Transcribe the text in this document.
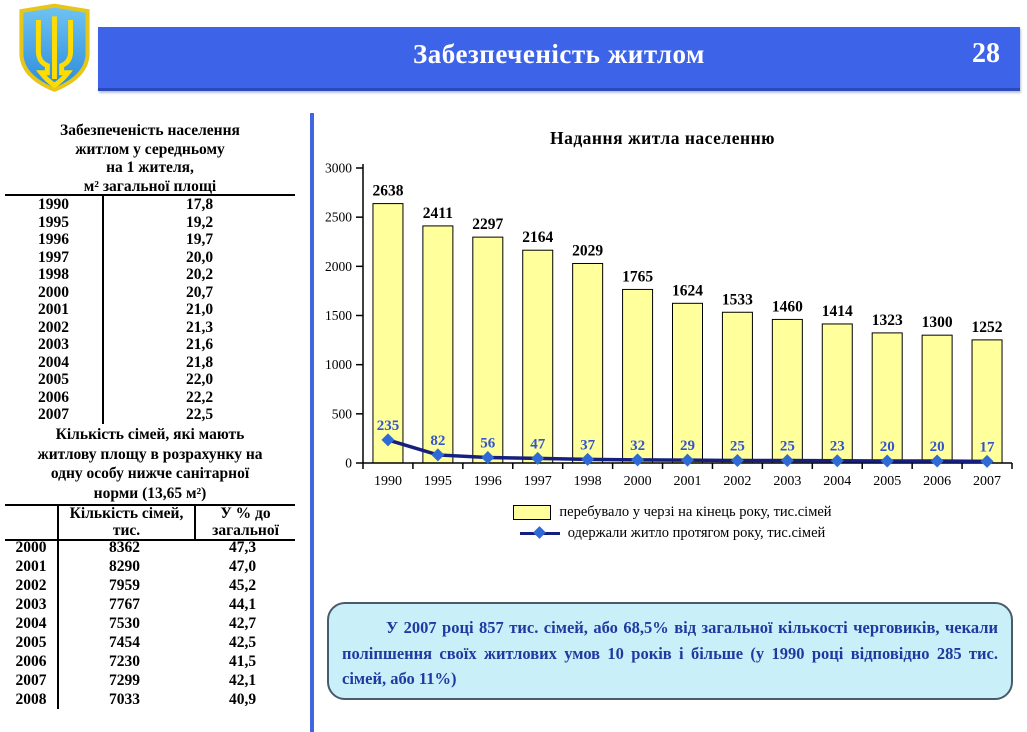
Забезпеченість житлом	28
Забезпеченість населення
житлом у середньому
на 1 жителя,
м² загальної площі
1990	17,8
1995	19,2
1996	19,7
1997	20,0
1998	20,2
2000	20,7
2001	21,0
2002	21,3
2003	21,6
2004	21,8
2005	22,0
2006	22,2
2007	22,5
Кількість сімей, які мають
житлову площу в розрахунку на
одну особу нижче санітарної
норми (13,65 м²)
Кількість сімей,
тис.
У % до
загальної
2000	8362	47,3
2001	8290	47,0
2002	7959	45,2
2003	7767	44,1
2004	7530	42,7
2005	7454	42,5
2006	7230	41,5
2007	7299	42,1
2008	7033	40,9
2638
2411
2297
2164
2029
1765
1624
1533 1460 1414
1323 1300 1252
0
500
1000
1500
2000
2500
3000
1990 1995 1996 1997 1998 2000 2001 2002 2003 2004 2005 2006 2007
235
82 56 47 37 32 29 25 25 23 20 20 17
Надання житла населенню
перебувало у черзі на кінець року, тис.сімей
одержали житло протягом року, тис.сімей
У 2007 році 857 тис. сімей, або 68,5% від загальної кількості черговиків, чекали поліпшення своїх житлових умов 10 років і більше (у 1990 році відповідно 285 тис. сімей, або 11%)
